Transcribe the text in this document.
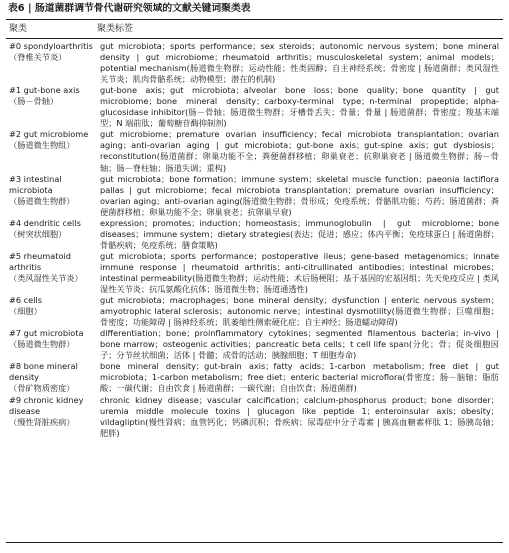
表6 | 肠道菌群调节骨代谢研究领域的文献关键词聚类表
聚类	聚类标签
#0 spondyloarthritis
（脊椎关节炎）
gut microbiota；sports performance；sex steroids；autonomic nervous system；bone mineral density | gut microbiome；rheumatoid arthritis；musculoskeletal system；animal models；potential mechanism(肠道微生物群；运动性能；性类固醇；自主神经系统；骨密度 | 肠道菌群；类风湿性关节炎；肌肉骨骼系统；动物模型；潜在的机制)
#1 gut-bone axis
（肠－骨轴）
gut-bone axis；gut microbiota；alveolar bone loss；bone quality；bone quantity | gut microbiome；bone mineral density；carboxy-terminal type；n-terminal propeptide；alpha-glucosidase inhibitor(肠－骨轴；肠道微生物群；牙槽骨丢失；骨量；骨量 | 肠道菌群；骨密度；羧基末端型；N 端前肽；葡萄糖苷酶抑制剂)
#2 gut microbiome
（肠道微生物组）
gut microbiome；premature ovarian insufficiency；fecal microbiota transplantation；ovarian aging；anti-ovarian aging | gut microbiota；gut-bone axis；gut-spine axis；gut dysbiosis；reconstitution(肠道菌群；卵巢功能不全；粪便菌群移植；卵巢衰老；抗卵巢衰老 | 肠道微生物群；肠－骨轴；肠－脊柱轴；肠道失调；重构)
#3 intestinal microbiota
（肠道微生物群）
gut microbiota；bone formation；immune system；skeletal muscle function；paeonia lactiflora pallas | gut microbiome；fecal microbiota transplantation；premature ovarian insufficiency；ovarian aging；anti-ovarian aging(肠道微生物群；骨形成；免疫系统；骨骼肌功能；芍药；肠道菌群；粪便菌群移植；卵巢功能不全；卵巢衰老；抗卵巢早衰)
#4 dendritic cells
（树突状细胞）
expression；promotes；induction；homeostasis；immunoglobulin | gut microbiome；bone diseases；immune system；dietary strategies(表达；促进；感应；体内平衡；免疫球蛋白 | 肠道菌群；骨骼疾病；免疫系统；膳食策略)
#5 rheumatoid arthritis
（类风湿性关节炎）
gut microbiota；sports performance；postoperative ileus；gene-based metagenomics；innate immune response | rheumatoid arthritis；anti-citrullinated antibodies；intestinal microbes；intestinal permeability(肠道微生物群；运动性能；术后肠梗阻；基于基因的宏基因组；先天免疫反应 | 类风湿性关节炎；抗瓜氨酸化抗体；肠道微生物；肠道通透性)
#6 cells
（细胞）
gut microbiota；macrophages；bone mineral density；dysfunction | enteric nervous system；amyotrophic lateral sclerosis；autonomic nerve；intestinal dysmotility(肠道微生物群；巨噬细胞；骨密度；功能障碍 | 肠神经系统；肌萎缩性侧索硬化症；自主神经；肠道蠕动障碍)
#7 gut microbiota
（肠道微生物群）
differentiation；bone；proinflammatory cytokines；segmented filamentous bacteria；in-vivo | bone marrow；osteogenic activities；pancreatic beta cells；t cell life span(分化；骨；促炎细胞因子；分节丝状细菌；活体 | 骨髓；成骨的活动；胰腺细胞；T 细胞寿命)
#8 bone mineral density
（骨矿物质密度）
bone mineral density；gut-brain axis；fatty acids；1-carbon metabolism；free diet | gut microbiota；1-carbon metabolism；free diet；enteric bacterial microflora(骨密度；肠－脑轴；脂肪酸；一碳代谢；自由饮食 | 肠道菌群；一碳代谢；自由饮食；肠道菌群)
#9 chronic kidney disease
（慢性肾脏疾病）
chronic kidney disease；vascular calcification；calcium-phosphorus product；bone disorder；uremia middle molecule toxins | glucagon like peptide 1；enteroinsular axis；obesity；vildagliptin(慢性肾病；血管钙化；钙磷沉积；骨疾病；尿毒症中分子毒素 | 胰高血糖素样肽 1；肠胰岛轴；肥胖)
